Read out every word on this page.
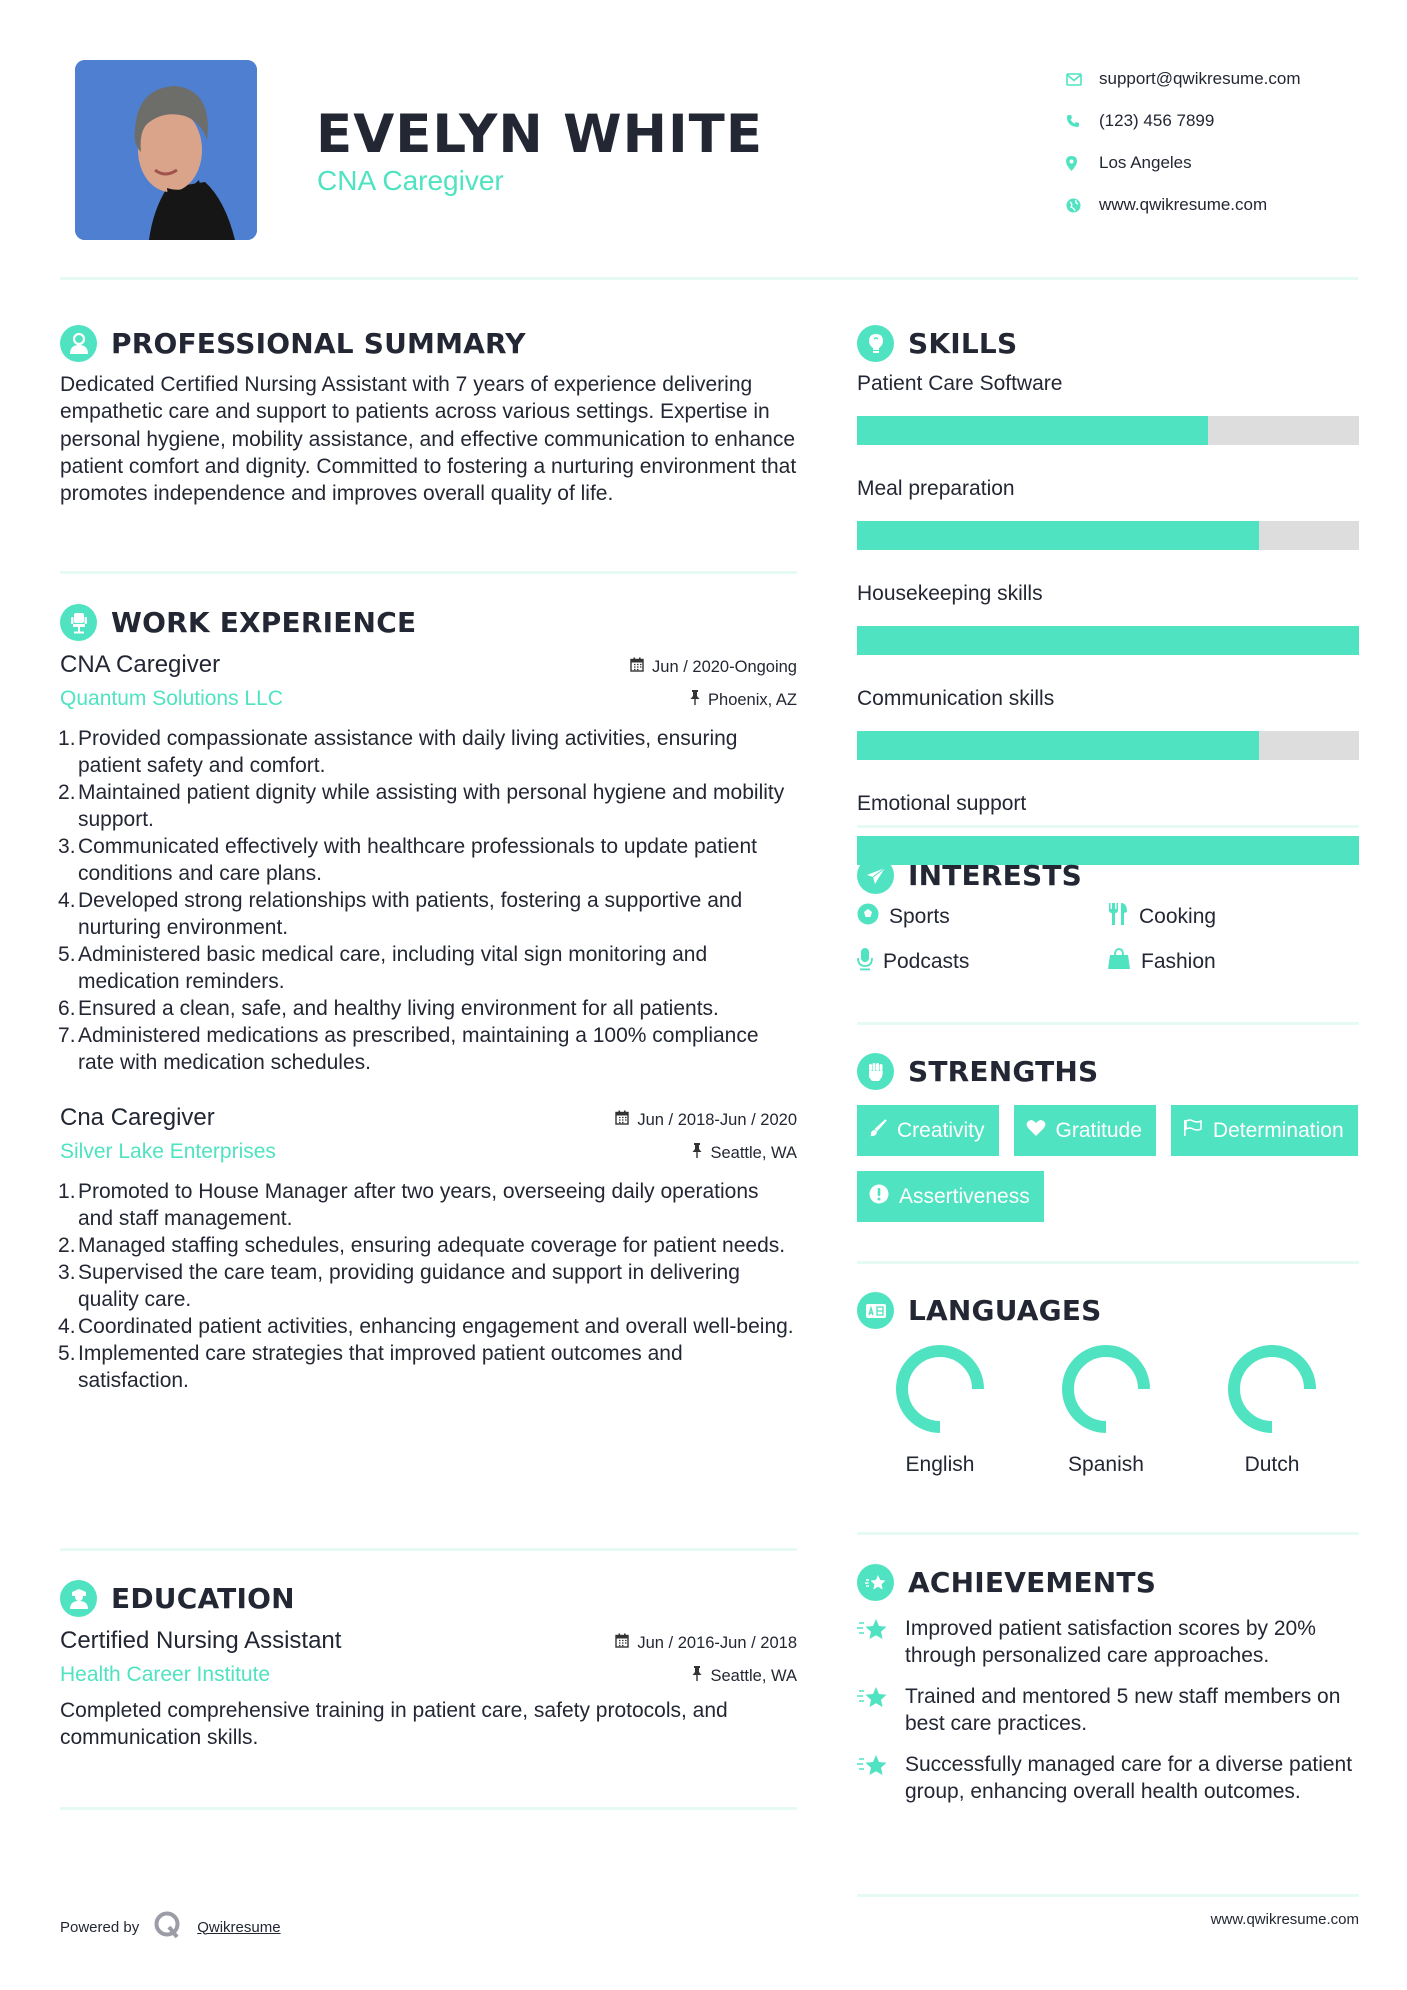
EVELYN WHITE
CNA Caregiver
support@qwikresume.com
(123) 456 7899
Los Angeles
www.qwikresume.com
PROFESSIONAL SUMMARY

Dedicated Certified Nursing Assistant with 7 years of experience delivering empathetic care and support to patients across various settings. Expertise in personal hygiene, mobility assistance, and effective communication to enhance patient comfort and dignity. Committed to fostering a nurturing environment that promotes independence and improves overall quality of life.

WORK EXPERIENCE
CNA Caregiver	Jun / 2020-Ongoing
Quantum Solutions LLC	Phoenix, AZ
Provided compassionate assistance with daily living activities, ensuring patient safety and comfort.
Maintained patient dignity while assisting with personal hygiene and mobility support.
Communicated effectively with healthcare professionals to update patient conditions and care plans.
Developed strong relationships with patients, fostering a supportive and nurturing environment.
Administered basic medical care, including vital sign monitoring and medication reminders.
Ensured a clean, safe, and healthy living environment for all patients.
Administered medications as prescribed, maintaining a 100% compliance rate with medication schedules.
Cna Caregiver	Jun / 2018-Jun / 2020
Silver Lake Enterprises	Seattle, WA
Promoted to House Manager after two years, overseeing daily operations and staff management.
Managed staffing schedules, ensuring adequate coverage for patient needs.
Supervised the care team, providing guidance and support in delivering quality care.
Coordinated patient activities, enhancing engagement and overall well-being.
Implemented care strategies that improved patient outcomes and satisfaction.
EDUCATION
Certified Nursing Assistant	Jun / 2016-Jun / 2018
Health Career Institute	Seattle, WA

Completed comprehensive training in patient care, safety protocols, and communication skills.

SKILLS
Patient Care Software
Meal preparation
Housekeeping skills
Communication skills
Emotional support
INTERESTS
Sports	Cooking
Podcasts	Fashion
STRENGTHS
Creativity	Gratitude	Determination
Assertiveness
LANGUAGES
English	Spanish	Dutch
ACHIEVEMENTS
Improved patient satisfaction scores by 20% through personalized care approaches.
Trained and mentored 5 new staff members on best care practices.
Successfully managed care for a diverse patient group, enhancing overall health outcomes.
Powered by	Qwikresume	www.qwikresume.com
